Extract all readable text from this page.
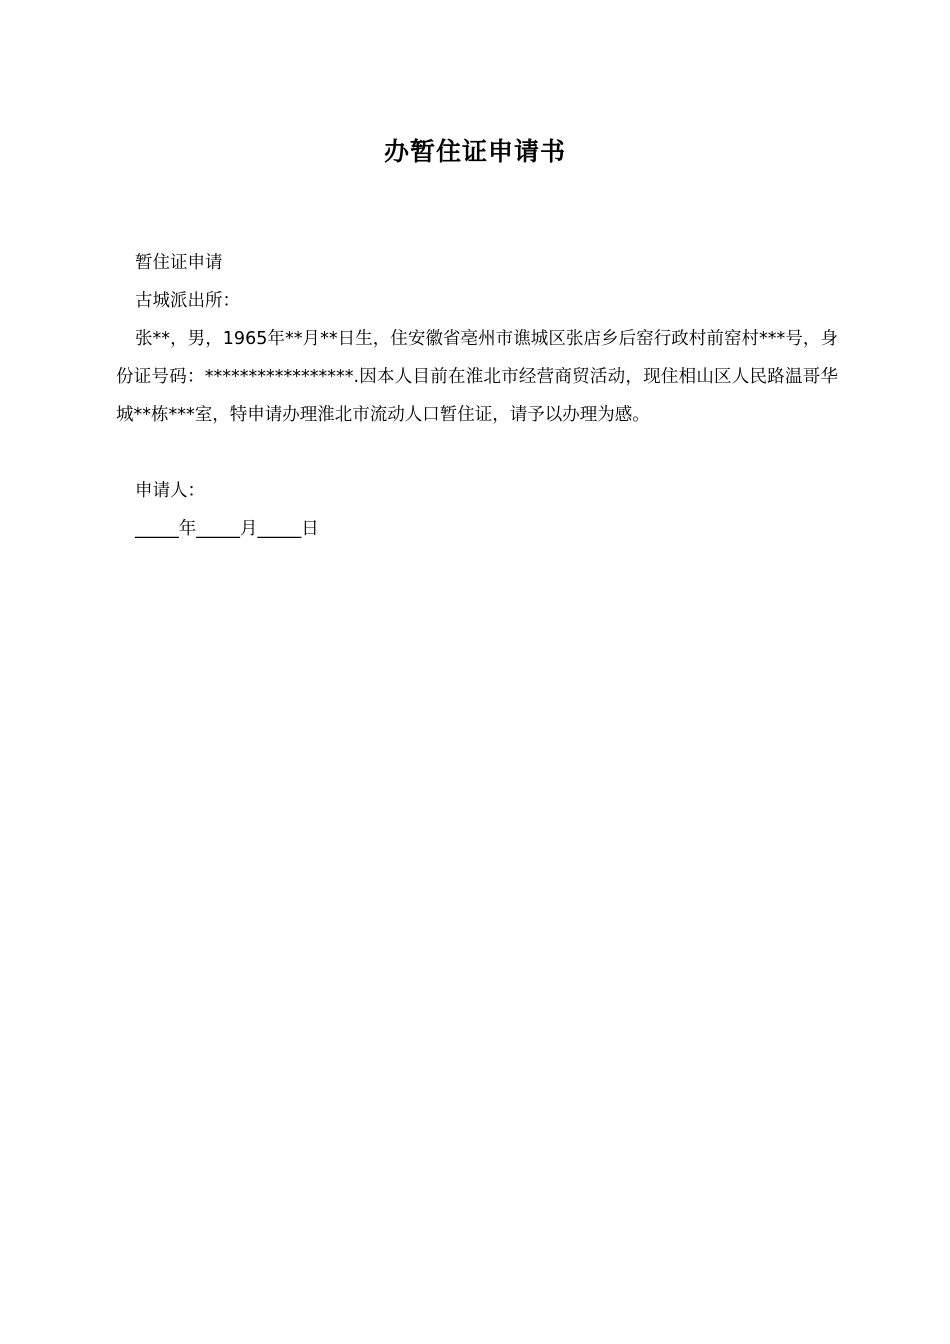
办暂住证申请书

暂住证申请

古城派出所：

张**，男，1965年**月**日生，住安徽省亳州市谯城区张店乡后窑行政村前窑村***号，身份证号码：*****************.因本人目前在淮北市经营商贸活动，现住相山区人民路温哥华城**栋***室，特申请办理淮北市流动人口暂住证，请予以办理为感。

申请人：

_____年_____月_____日
